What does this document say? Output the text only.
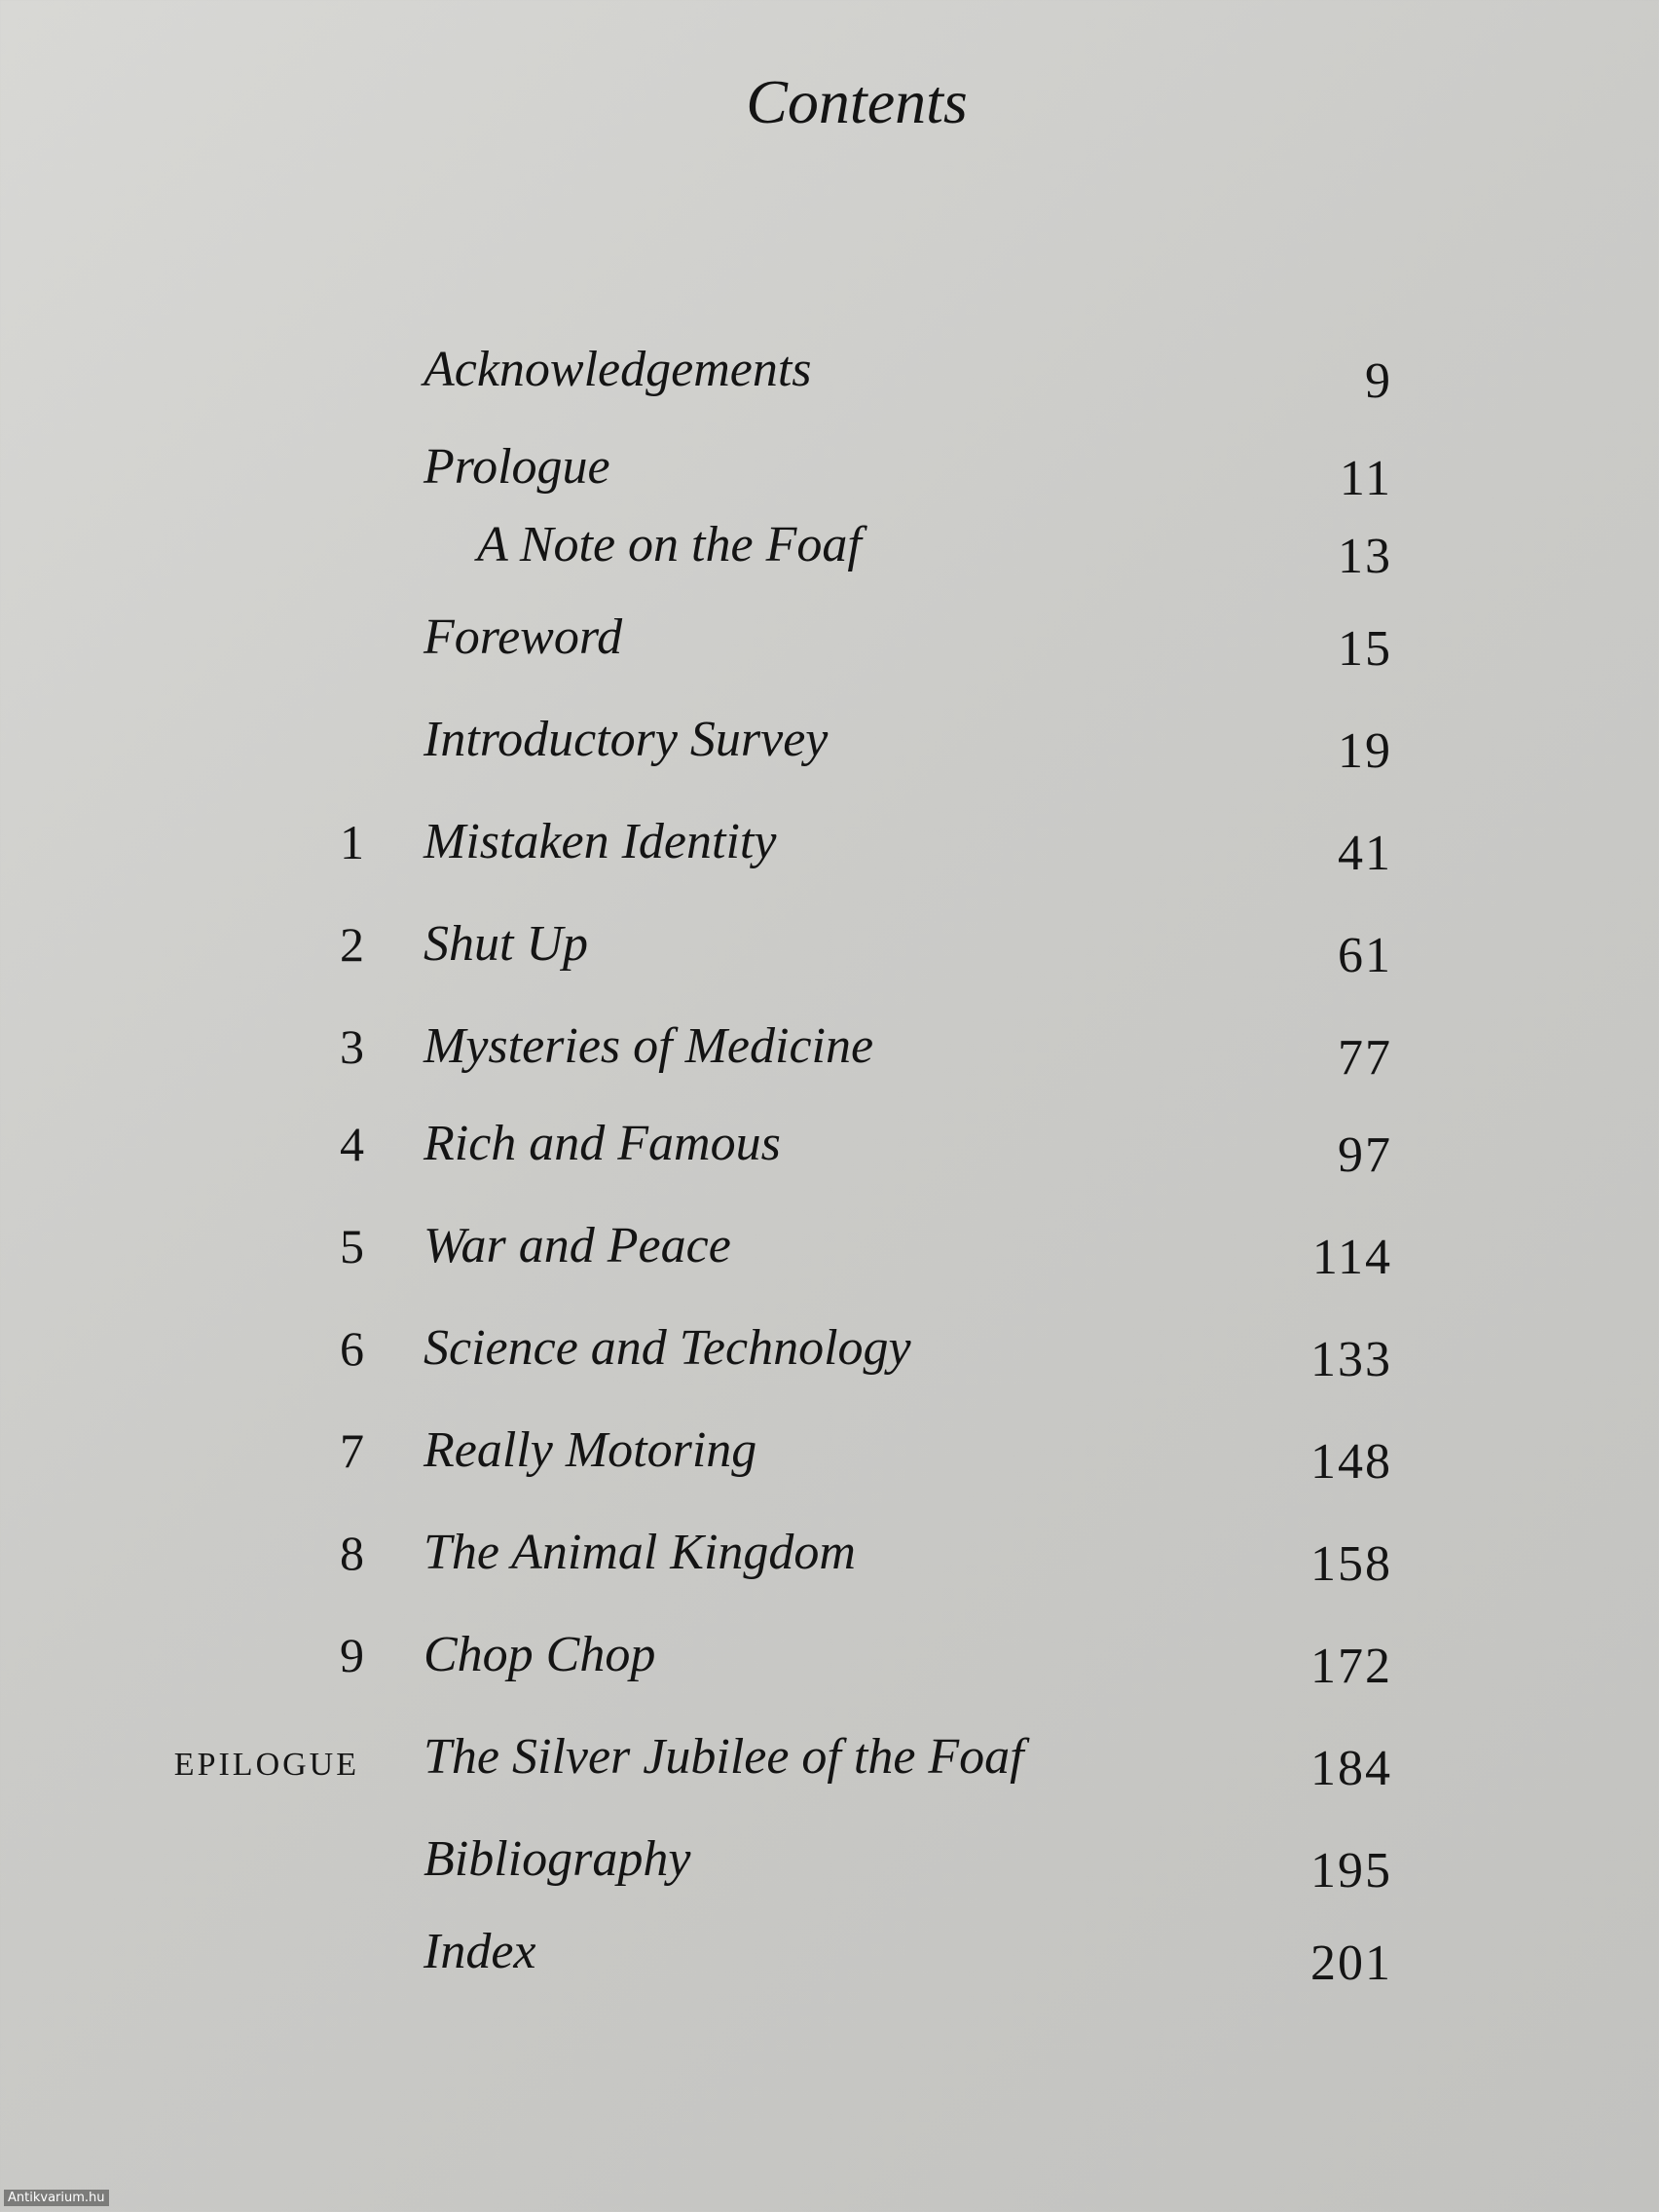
Contents
Acknowledgements	9
Prologue	11
A Note on the Foaf	13
Foreword	15
Introductory Survey	19
1 Mistaken Identity	41
2 Shut Up	61
3 Mysteries of Medicine	77
4 Rich and Famous	97
5 War and Peace	114
6 Science and Technology	133
7 Really Motoring	148
8 The Animal Kingdom	158
9 Chop Chop	172
EPILOGUE The Silver Jubilee of the Foaf	184
Bibliography	195
Index	201
Antikvarium.hu
